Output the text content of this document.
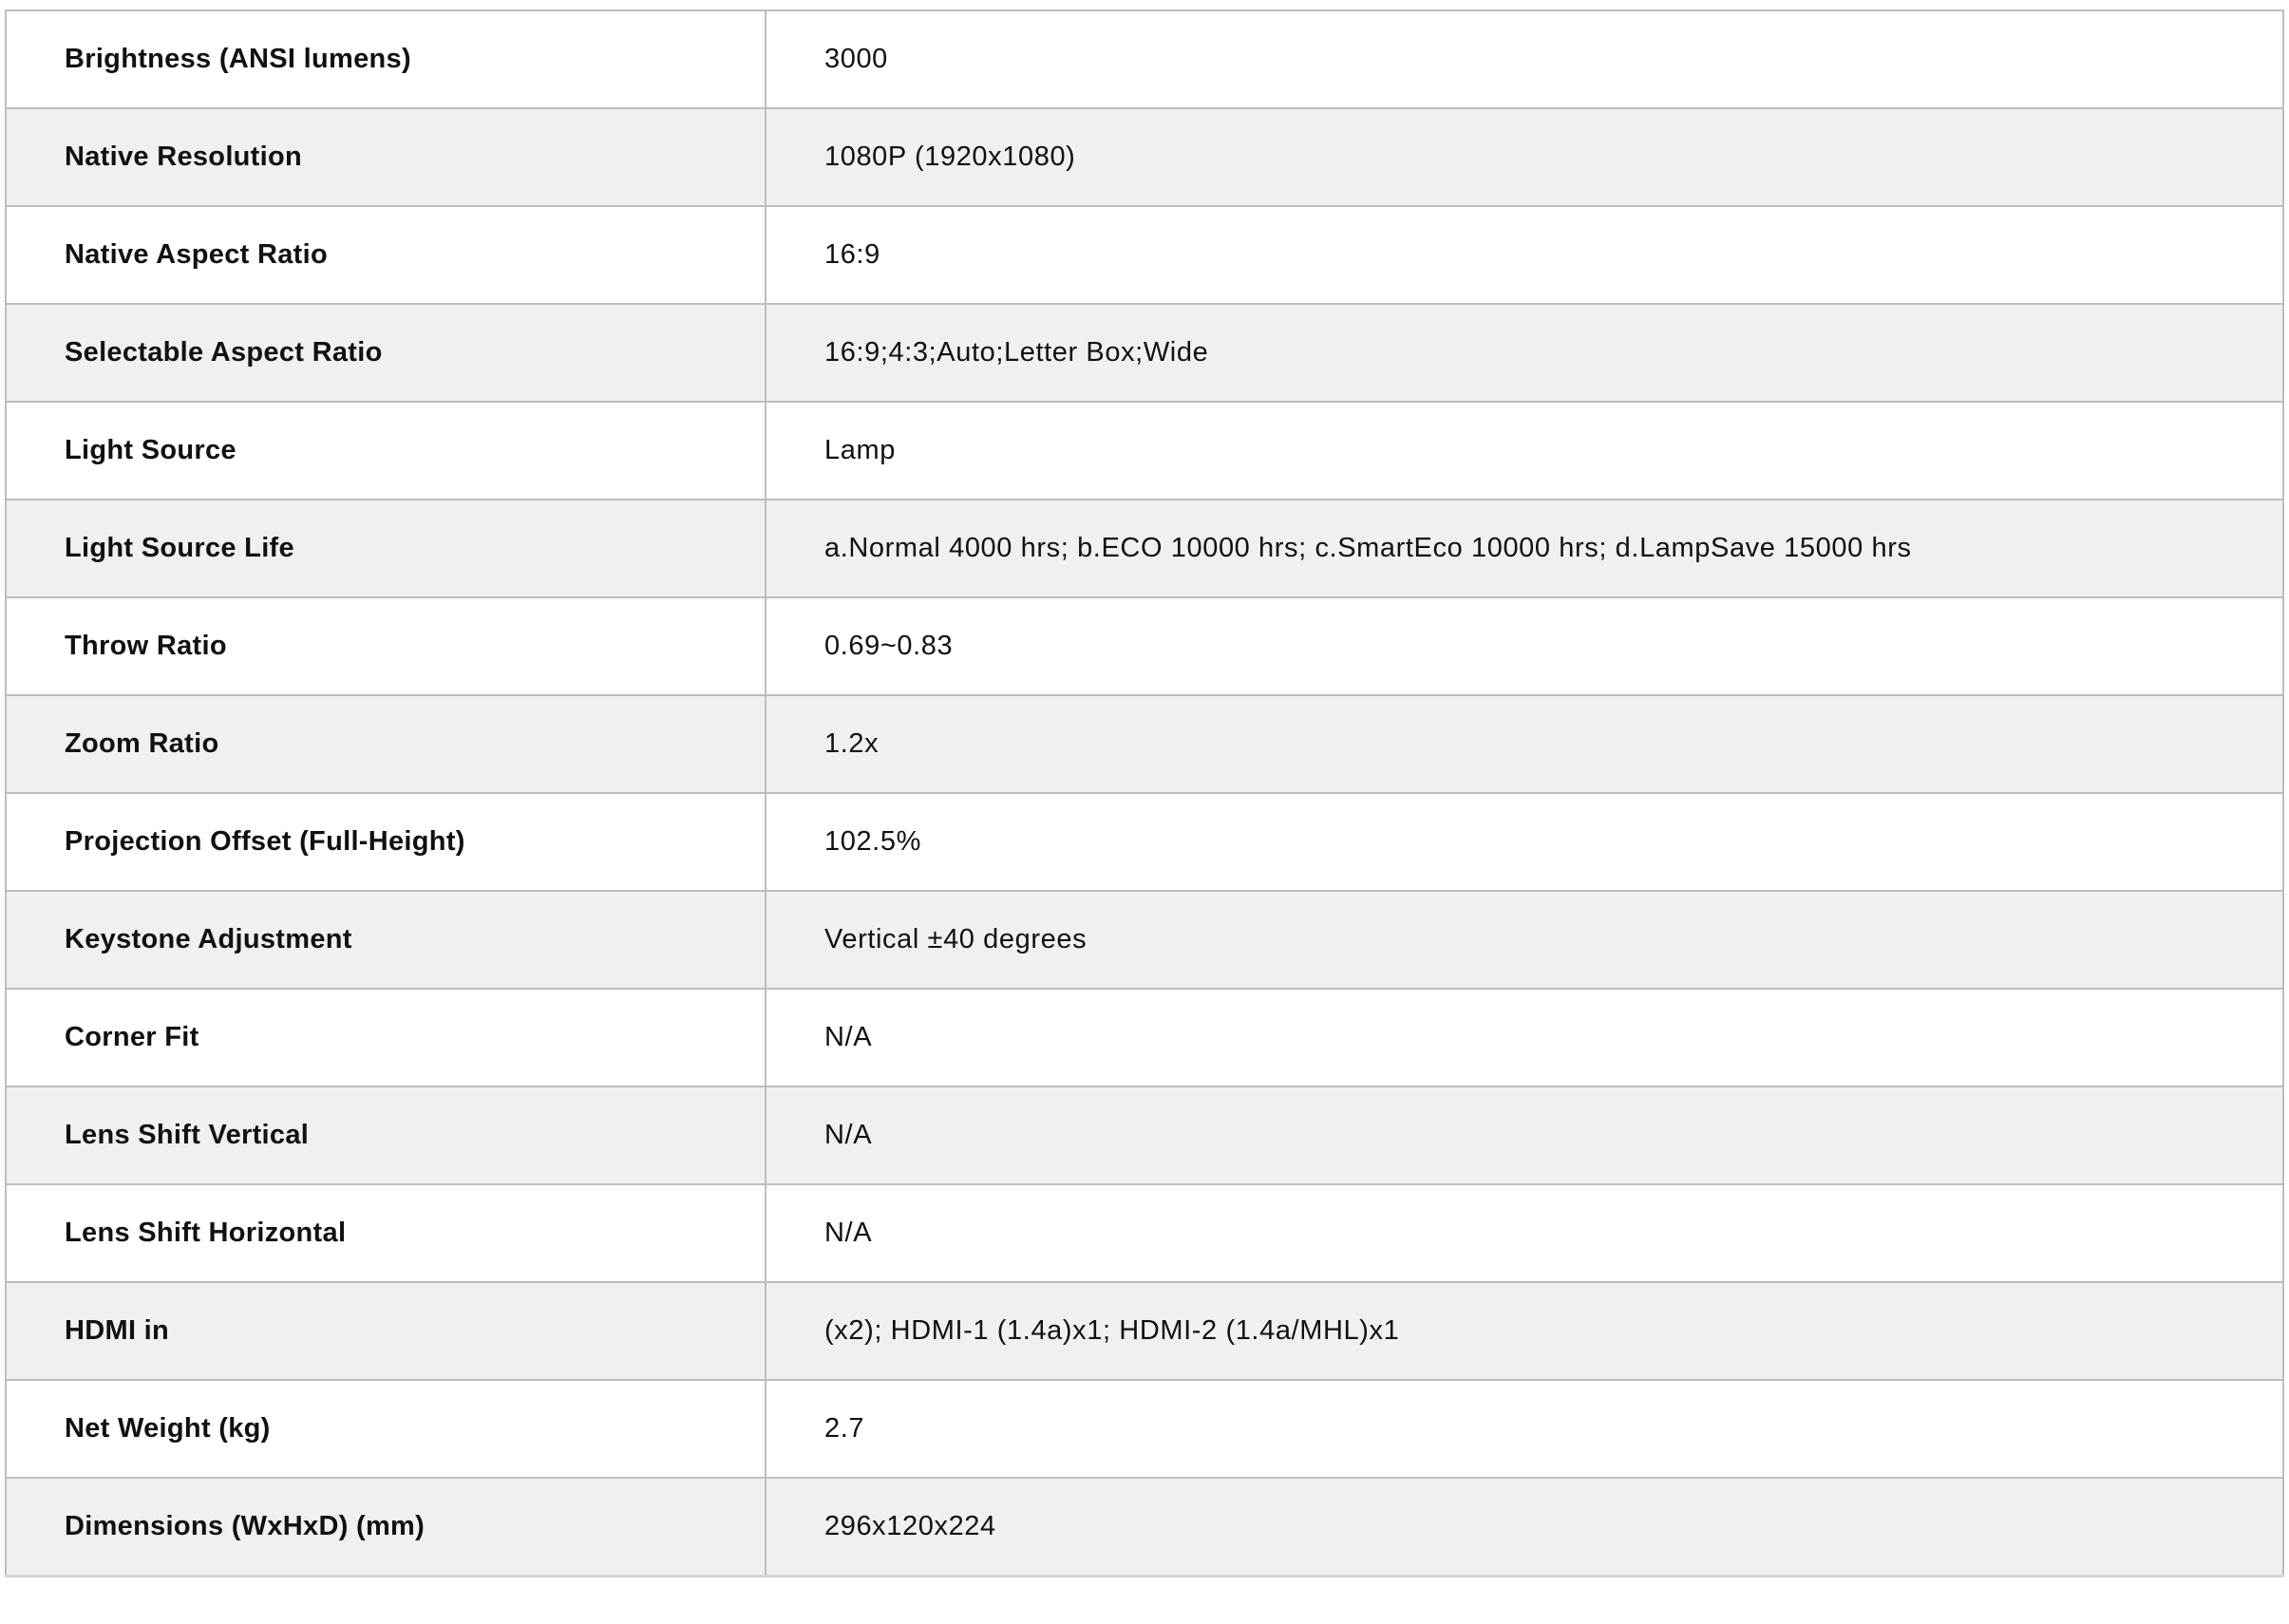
Brightness (ANSI lumens)	3000
Native Resolution	1080P (1920x1080)
Native Aspect Ratio	16:9
Selectable Aspect Ratio	16:9;4:3;Auto;Letter Box;Wide
Light Source	Lamp
Light Source Life	a.Normal 4000 hrs; b.ECO 10000 hrs; c.SmartEco 10000 hrs; d.LampSave 15000 hrs
Throw Ratio	0.69~0.83
Zoom Ratio	1.2x
Projection Offset (Full-Height)	102.5%
Keystone Adjustment	Vertical ±40 degrees
Corner Fit	N/A
Lens Shift Vertical	N/A
Lens Shift Horizontal	N/A
HDMI in	(x2); HDMI-1 (1.4a)x1; HDMI-2 (1.4a/MHL)x1
Net Weight (kg)	2.7
Dimensions (WxHxD) (mm)	296x120x224
